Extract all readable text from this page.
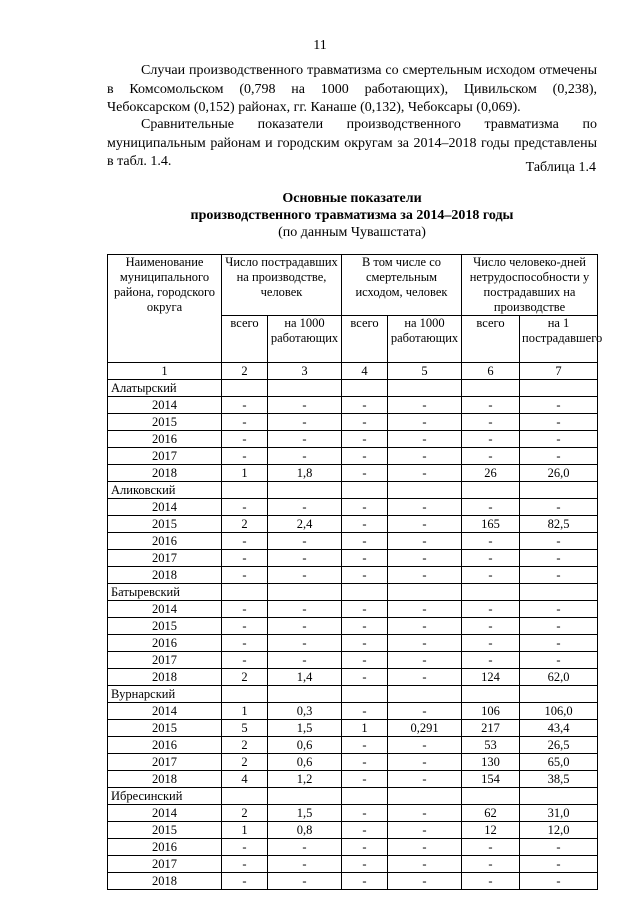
11

Случаи производственного травматизма со смертельным исходом отмечены в Комсомольском (0,798 на 1000 работающих), Цивильском (0,238), Чебоксарском (0,152) районах, гг. Канаше (0,132), Чебоксары (0,069).

Сравнительные показатели производственного травматизма по муниципальным районам и городским округам за 2014–2018 годы представлены в табл. 1.4.	Таблица 1.4
Основные показатели
производственного травматизма за 2014–2018 годы
(по данным Чувашстата)
Наименование муниципального района, городского округа	Число пострадавших на производстве, человек		В том числе со смертельным исходом, человек		Число человеко-дней нетрудоспособности у пострадавших на производстве	
	всего	на 1000 работающих	всего	на 1000 работающих	всего	на 1 пострадавшего
1	2	3	4	5	6	7
Алатырский						
2014	-	-	-	-	-	-
2015	-	-	-	-	-	-
2016	-	-	-	-	-	-
2017	-	-	-	-	-	-
2018	1	1,8	-	-	26	26,0
Аликовский						
2014	-	-	-	-	-	-
2015	2	2,4	-	-	165	82,5
2016	-	-	-	-	-	-
2017	-	-	-	-	-	-
2018	-	-	-	-	-	-
Батыревский						
2014	-	-	-	-	-	-
2015	-	-	-	-	-	-
2016	-	-	-	-	-	-
2017	-	-	-	-	-	-
2018	2	1,4	-	-	124	62,0
Вурнарский						
2014	1	0,3	-	-	106	106,0
2015	5	1,5	1	0,291	217	43,4
2016	2	0,6	-	-	53	26,5
2017	2	0,6	-	-	130	65,0
2018	4	1,2	-	-	154	38,5
Ибресинский						
2014	2	1,5	-	-	62	31,0
2015	1	0,8	-	-	12	12,0
2016	-	-	-	-	-	-
2017	-	-	-	-	-	-
2018	-	-	-	-	-	-
